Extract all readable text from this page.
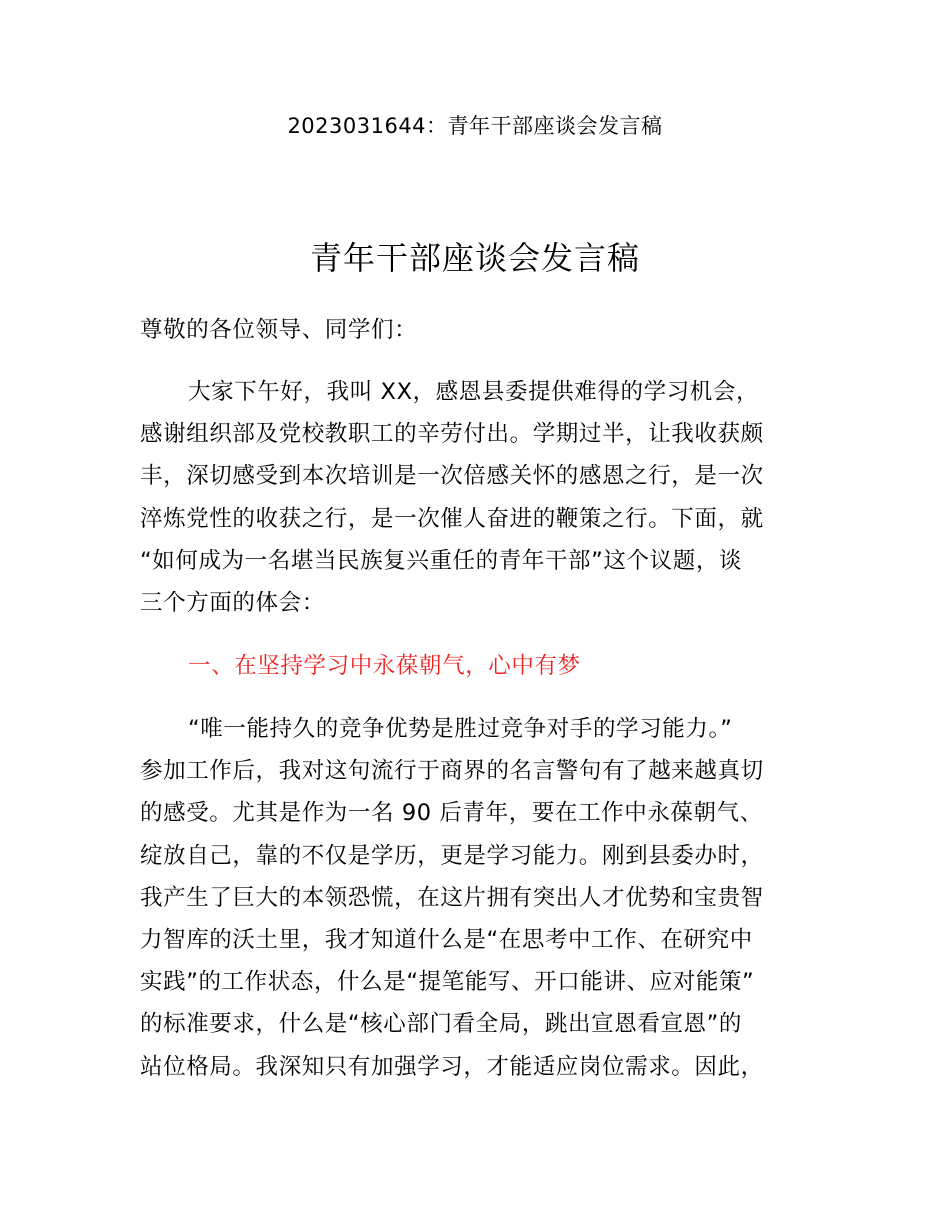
2023031644：青年干部座谈会发言稿
青年干部座谈会发言稿
尊敬的各位领导、同学们：
大家下午好，我叫 XX，感恩县委提供难得的学习机会，
感谢组织部及党校教职工的辛劳付出。学期过半，让我收获颇
丰，深切感受到本次培训是一次倍感关怀的感恩之行，是一次
淬炼党性的收获之行，是一次催人奋进的鞭策之行。下面，就
“如何成为一名堪当民族复兴重任的青年干部”这个议题，谈
三个方面的体会：
一、在坚持学习中永葆朝气，心中有梦
“唯一能持久的竞争优势是胜过竞争对手的学习能力。”
参加工作后，我对这句流行于商界的名言警句有了越来越真切
的感受。尤其是作为一名 90 后青年，要在工作中永葆朝气、
绽放自己，靠的不仅是学历，更是学习能力。刚到县委办时，
我产生了巨大的本领恐慌，在这片拥有突出人才优势和宝贵智
力智库的沃土里，我才知道什么是“在思考中工作、在研究中
实践”的工作状态，什么是“提笔能写、开口能讲、应对能策”
的标准要求，什么是“核心部门看全局，跳出宣恩看宣恩”的
站位格局。我深知只有加强学习，才能适应岗位需求。因此，
